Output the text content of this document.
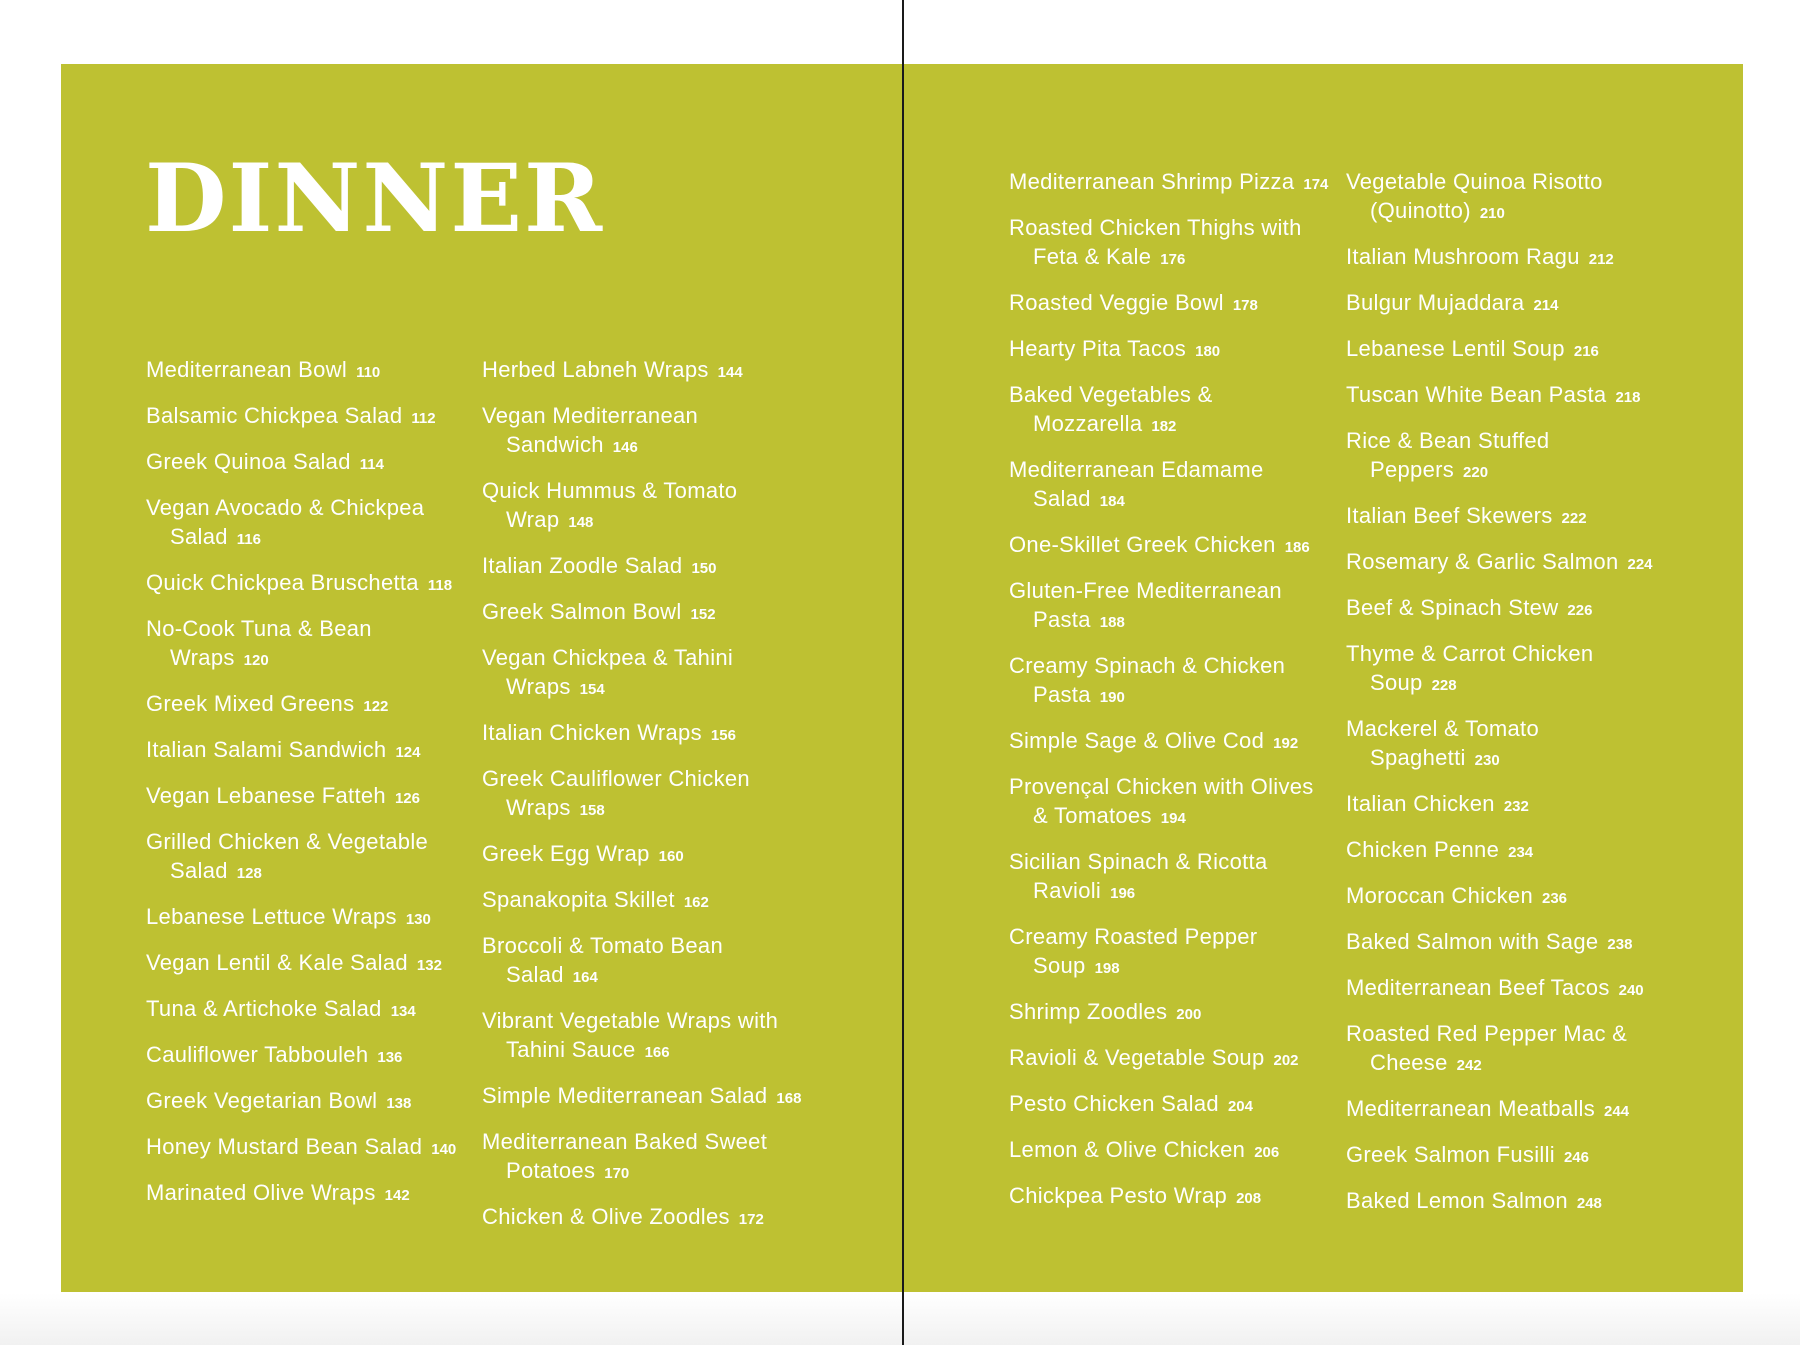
DINNER
Mediterranean Bowl 110
Balsamic Chickpea Salad 112
Greek Quinoa Salad 114
Vegan Avocado & Chickpea Salad 116
Quick Chickpea Bruschetta 118
No-Cook Tuna & Bean Wraps 120
Greek Mixed Greens 122
Italian Salami Sandwich 124
Vegan Lebanese Fatteh 126
Grilled Chicken & Vegetable Salad 128
Lebanese Lettuce Wraps 130
Vegan Lentil & Kale Salad 132
Tuna & Artichoke Salad 134
Cauliflower Tabbouleh 136
Greek Vegetarian Bowl 138
Honey Mustard Bean Salad 140
Marinated Olive Wraps 142
Herbed Labneh Wraps 144
Vegan Mediterranean Sandwich 146
Quick Hummus & Tomato Wrap 148
Italian Zoodle Salad 150
Greek Salmon Bowl 152
Vegan Chickpea & Tahini Wraps 154
Italian Chicken Wraps 156
Greek Cauliflower Chicken Wraps 158
Greek Egg Wrap 160
Spanakopita Skillet 162
Broccoli & Tomato Bean Salad 164
Vibrant Vegetable Wraps with Tahini Sauce 166
Simple Mediterranean Salad 168
Mediterranean Baked Sweet Potatoes 170
Chicken & Olive Zoodles 172
Mediterranean Shrimp Pizza 174
Roasted Chicken Thighs with Feta & Kale 176
Roasted Veggie Bowl 178
Hearty Pita Tacos 180
Baked Vegetables & Mozzarella 182
Mediterranean Edamame Salad 184
One-Skillet Greek Chicken 186
Gluten-Free Mediterranean Pasta 188
Creamy Spinach & Chicken Pasta 190
Simple Sage & Olive Cod 192
Provençal Chicken with Olives & Tomatoes 194
Sicilian Spinach & Ricotta Ravioli 196
Creamy Roasted Pepper Soup 198
Shrimp Zoodles 200
Ravioli & Vegetable Soup 202
Pesto Chicken Salad 204
Lemon & Olive Chicken 206
Chickpea Pesto Wrap 208
Vegetable Quinoa Risotto (Quinotto) 210
Italian Mushroom Ragu 212
Bulgur Mujaddara 214
Lebanese Lentil Soup 216
Tuscan White Bean Pasta 218
Rice & Bean Stuffed Peppers 220
Italian Beef Skewers 222
Rosemary & Garlic Salmon 224
Beef & Spinach Stew 226
Thyme & Carrot Chicken Soup 228
Mackerel & Tomato Spaghetti 230
Italian Chicken 232
Chicken Penne 234
Moroccan Chicken 236
Baked Salmon with Sage 238
Mediterranean Beef Tacos 240
Roasted Red Pepper Mac & Cheese 242
Mediterranean Meatballs 244
Greek Salmon Fusilli 246
Baked Lemon Salmon 248
